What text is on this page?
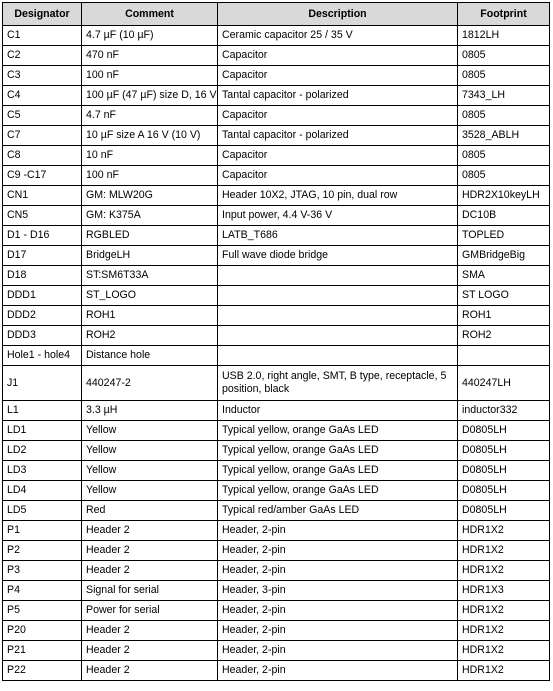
Designator	Comment	Description	Footprint
C1	4.7 µF (10 µF)	Ceramic capacitor 25 / 35 V	1812LH
C2	470 nF	Capacitor	0805
C3	100 nF	Capacitor	0805
C4	100 µF (47 µF) size D, 16 V	Tantal capacitor - polarized	7343_LH
C5	4.7 nF	Capacitor	0805
C7	10 µF size A 16 V (10 V)	Tantal capacitor - polarized	3528_ABLH
C8	10 nF	Capacitor	0805
C9 -C17	100 nF	Capacitor	0805
CN1	GM: MLW20G	Header 10X2, JTAG, 10 pin, dual row	HDR2X10keyLH
CN5	GM: K375A	Input power, 4.4 V-36 V	DC10B
D1 - D16	RGBLED	LATB_T686	TOPLED
D17	BridgeLH	Full wave diode bridge	GMBridgeBig
D18	ST:SM6T33A		SMA
DDD1	ST_LOGO		ST LOGO
DDD2	ROH1		ROH1
DDD3	ROH2		ROH2
Hole1 - hole4	Distance hole		
J1	440247-2	USB 2.0, right angle, SMT, B type, receptacle, 5 position, black	440247LH
L1	3.3 µH	Inductor	inductor332
LD1	Yellow	Typical yellow, orange GaAs LED	D0805LH
LD2	Yellow	Typical yellow, orange GaAs LED	D0805LH
LD3	Yellow	Typical yellow, orange GaAs LED	D0805LH
LD4	Yellow	Typical yellow, orange GaAs LED	D0805LH
LD5	Red	Typical red/amber GaAs LED	D0805LH
P1	Header 2	Header, 2-pin	HDR1X2
P2	Header 2	Header, 2-pin	HDR1X2
P3	Header 2	Header, 2-pin	HDR1X2
P4	Signal for serial	Header, 3-pin	HDR1X3
P5	Power for serial	Header, 2-pin	HDR1X2
P20	Header 2	Header, 2-pin	HDR1X2
P21	Header 2	Header, 2-pin	HDR1X2
P22	Header 2	Header, 2-pin	HDR1X2
